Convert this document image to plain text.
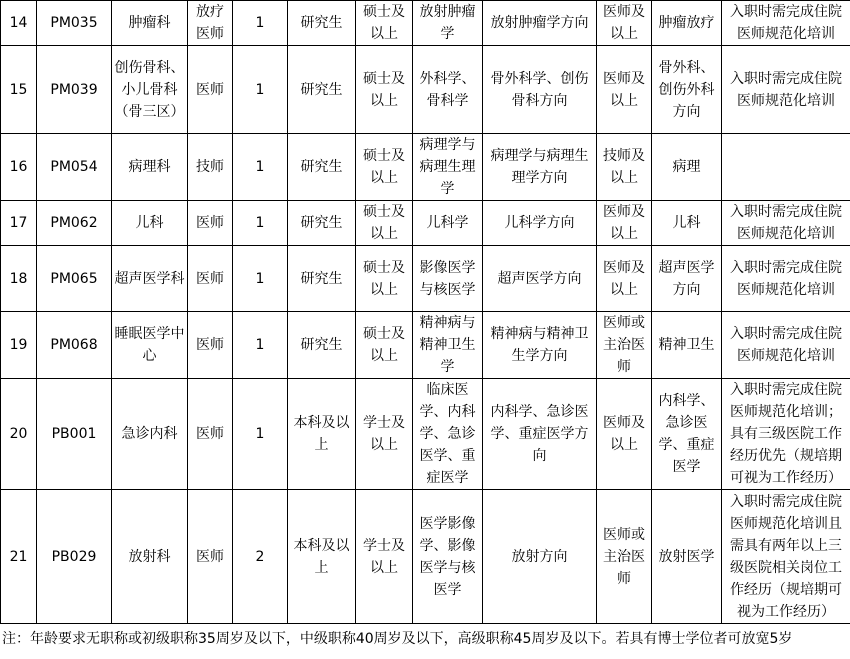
14	PM035	肿瘤科	放疗医师	1	研究生	硕士及以上	放射肿瘤学	放射肿瘤学方向	医师及以上	肿瘤放疗	入职时需完成住院医师规范化培训
15	PM039	创伤骨科、小儿骨科（骨三区）	医师	1	研究生	硕士及以上	外科学、骨科学	骨外科学、创伤骨科方向	医师及以上	骨外科、创伤外科方向	入职时需完成住院医师规范化培训
16	PM054	病理科	技师	1	研究生	硕士及以上	病理学与病理生理学	病理学与病理生理学方向	技师及以上	病理	
17	PM062	儿科	医师	1	研究生	硕士及以上	儿科学	儿科学方向	医师及以上	儿科	入职时需完成住院医师规范化培训
18	PM065	超声医学科	医师	1	研究生	硕士及以上	影像医学与核医学	超声医学方向	医师及以上	超声医学方向	入职时需完成住院医师规范化培训
19	PM068	睡眠医学中心	医师	1	研究生	硕士及以上	精神病与精神卫生学	精神病与精神卫生学方向	医师或主治医师	精神卫生	入职时需完成住院医师规范化培训
20	PB001	急诊内科	医师	1	本科及以上	学士及以上	临床医学、内科学、急诊医学、重症医学	内科学、急诊医学、重症医学方向	医师及以上	内科学、急诊医学、重症医学	入职时需完成住院医师规范化培训；具有三级医院工作经历优先（规培期可视为工作经历）
21	PB029	放射科	医师	2	本科及以上	学士及以上	医学影像学、影像医学与核医学	放射方向	医师或主治医师	放射医学	入职时需完成住院医师规范化培训且需具有两年以上三级医院相关岗位工作经历（规培期可视为工作经历）
注：年龄要求无职称或初级职称35周岁及以下，中级职称40周岁及以下，高级职称45周岁及以下。若具有博士学位者可放宽5岁
